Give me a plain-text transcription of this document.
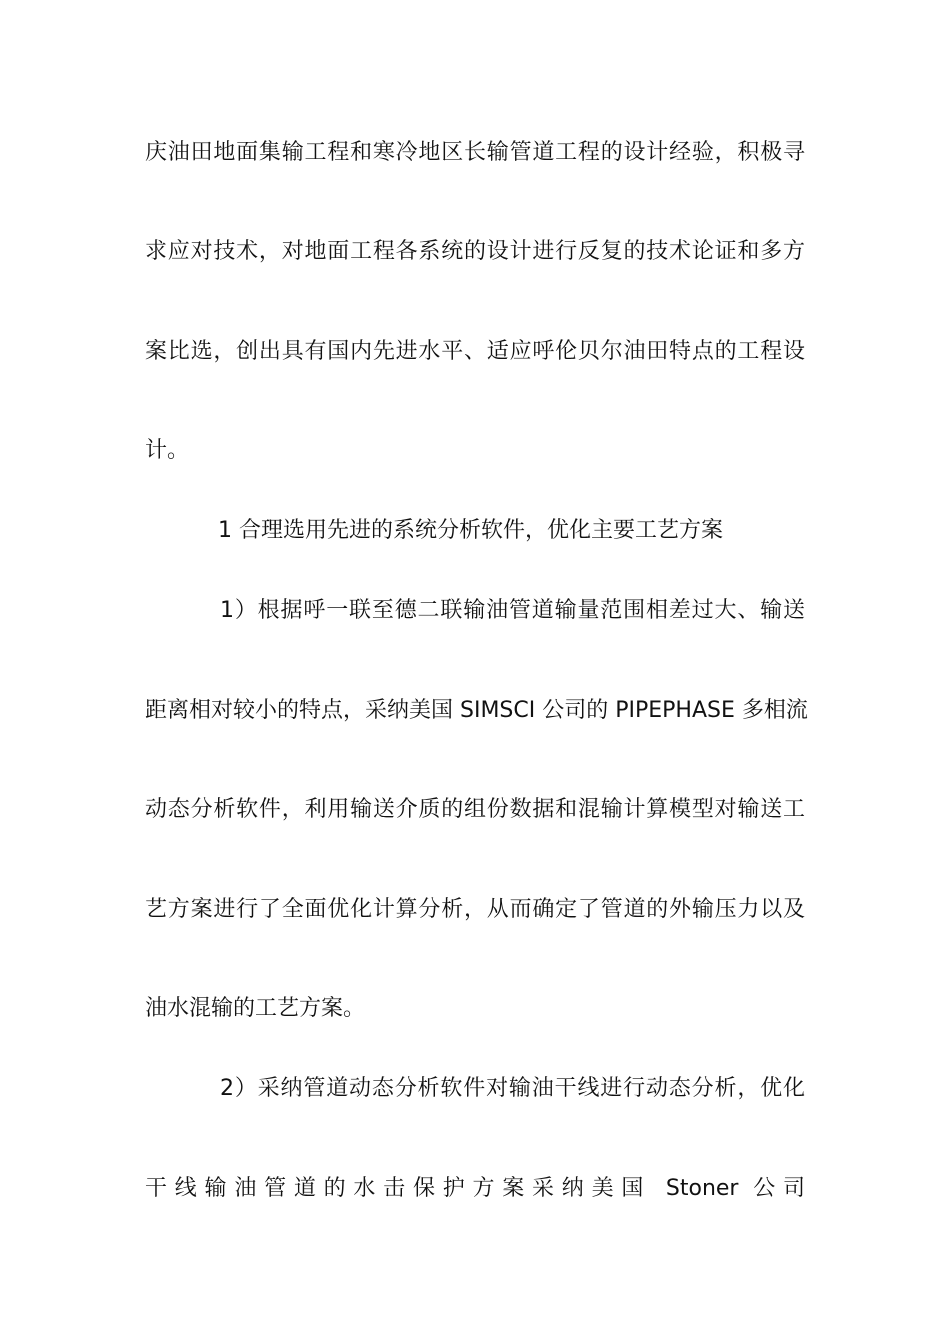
庆油田地面集输工程和寒冷地区长输管道工程的设计经验，积极寻
求应对技术，对地面工程各系统的设计进行反复的技术论证和多方
案比选，创出具有国内先进水平、适应呼伦贝尔油田特点的工程设
计。
1 合理选用先进的系统分析软件，优化主要工艺方案
1）根据呼一联至德二联输油管道输量范围相差过大、输送
距离相对较小的特点，采纳美国 SIMSCI 公司的 PIPEPHASE 多相流
动态分析软件，利用输送介质的组份数据和混输计算模型对输送工
艺方案进行了全面优化计算分析，从而确定了管道的外输压力以及
油水混输的工艺方案。
2）采纳管道动态分析软件对输油干线进行动态分析，优化
干线输油管道的水击保护方案采纳美国 Stoner 公司
